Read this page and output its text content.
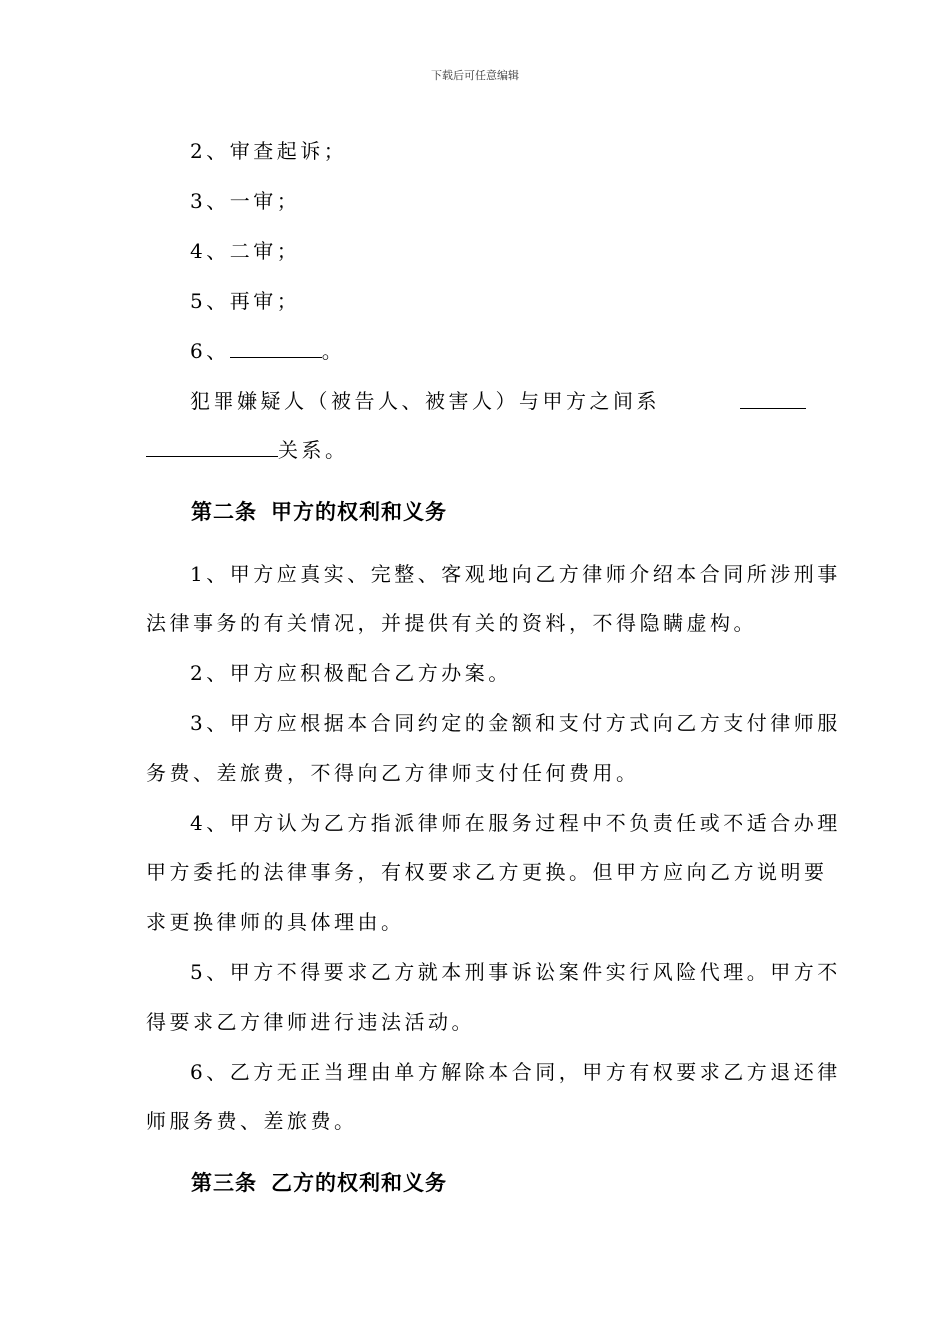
下载后可任意编辑
2、审查起诉；
3、一审；
4、二审；
5、再审；
6、	。
犯罪嫌疑人（被告人、被害人）与甲方之间系
关系。
第二条 甲方的权利和义务
1、甲方应真实、完整、客观地向乙方律师介绍本合同所涉刑事
法律事务的有关情况，并提供有关的资料，不得隐瞒虚构。
2、甲方应积极配合乙方办案。
3、甲方应根据本合同约定的金额和支付方式向乙方支付律师服
务费、差旅费，不得向乙方律师支付任何费用。
4、甲方认为乙方指派律师在服务过程中不负责任或不适合办理
甲方委托的法律事务，有权要求乙方更换。但甲方应向乙方说明要
求更换律师的具体理由。
5、甲方不得要求乙方就本刑事诉讼案件实行风险代理。甲方不
得要求乙方律师进行违法活动。
6、乙方无正当理由单方解除本合同，甲方有权要求乙方退还律
师服务费、差旅费。
第三条 乙方的权利和义务
